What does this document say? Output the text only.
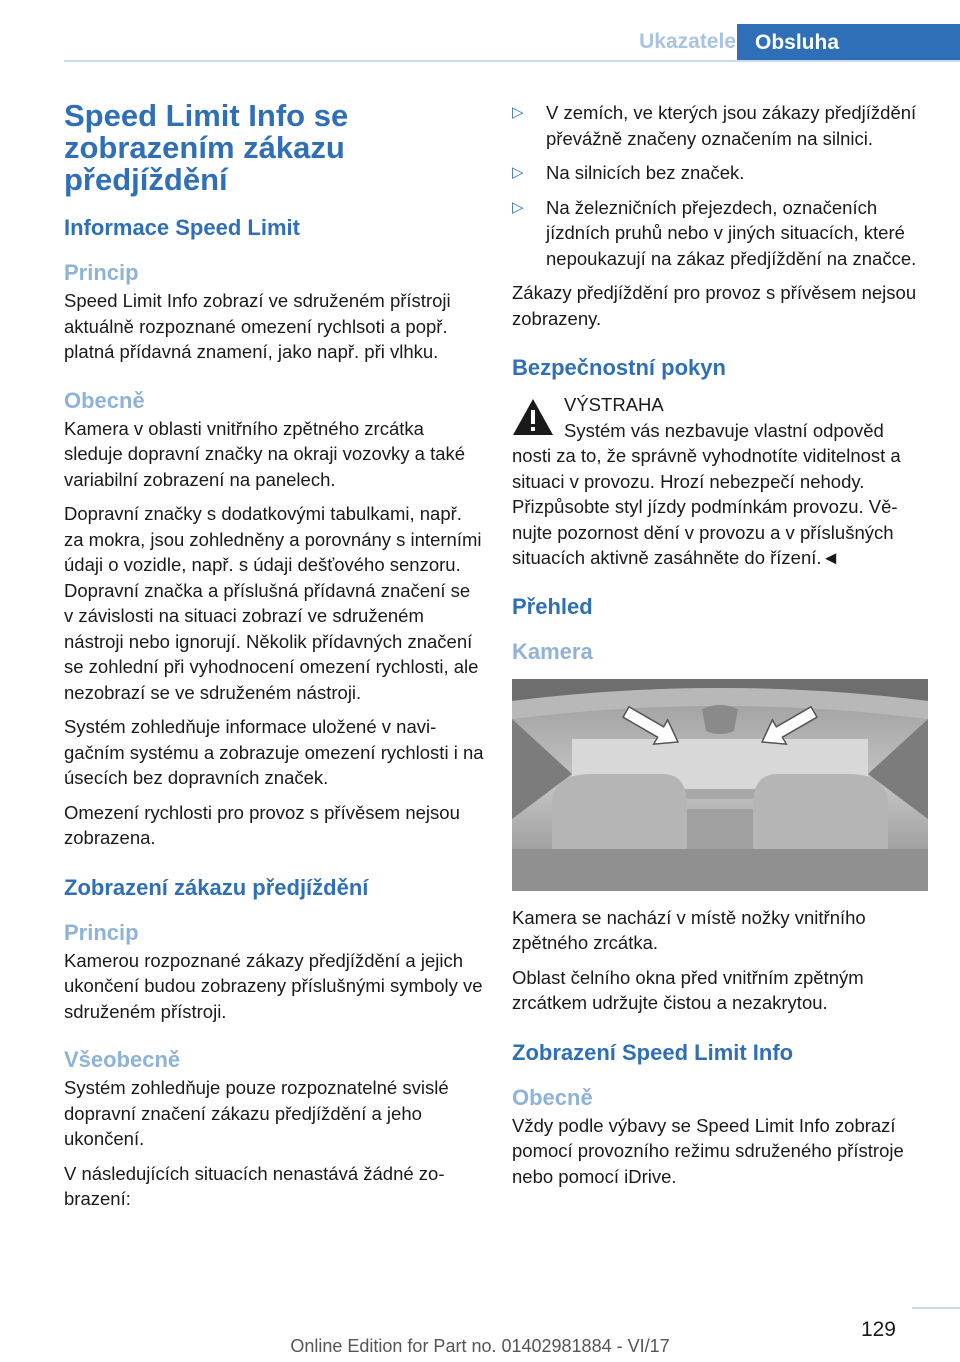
Ukazatele Obsluha
Speed Limit Info se zobrazením zákazu předjíždění
Informace Speed Limit
Princip
Speed Limit Info zobrazí ve sdruženém přístroji aktuálně rozpoznané omezení rychlsoti a popř. platná přídavná znamení, jako např. při vlhku.
Obecně
Kamera v oblasti vnitřního zpětného zrcátka sleduje dopravní značky na okraji vozovky a také variabilní zobrazení na panelech.
Dopravní značky s dodatkovými tabulkami, např. za mokra, jsou zohledněny a porovnány s interními údaji o vozidle, např. s údaji dešťového senzoru. Dopravní značka a příslušná přídavná značení se v závislosti na situaci zobrazí ve sdruženém nástroji nebo ignorují. Několik přídavných značení se zohlední při vyhodnocení omezení rychlosti, ale nezobrazí se ve sdruženém nástroji.
Systém zohledňuje informace uložené v navigačním systému a zobrazuje omezení rychlosti i na úsecích bez dopravních značek.
Omezení rychlosti pro provoz s přívěsem nejsou zobrazena.
Zobrazení zákazu předjíždění
Princip
Kamerou rozpoznané zákazy předjíždění a jejich ukončení budou zobrazeny příslušnými symboly ve sdruženém přístroji.
Všeobecně
Systém zohledňuje pouze rozpoznatelné svislé dopravní značení zákazu předjíždění a jeho ukončení.
V následujících situacích nenastává žádné zobrazení:
▷ V zemích, ve kterých jsou zákazy předjíždění převážně značeny označením na silnici.
▷ Na silnicích bez značek.
▷ Na železničních přejezdech, označeních jízdních pruhů nebo v jiných situacích, které nepoukazují na zákaz předjíždění na značce.
Zákazy předjíždění pro provoz s přívěsem nejsou zobrazeny.
Bezpečnostní pokyn
VÝSTRAHA
Systém vás nezbavuje vlastní odpověd
nosti za to, že správně vyhodnotíte viditelnost a situaci v provozu. Hrozí nebezpečí nehody. Přizpůsobte styl jízdy podmínkám provozu. Věnujte pozornost dění v provozu a v příslušných situacích aktivně zasáhněte do řízení.◄
Přehled
Kamera
Kamera se nachází v místě nožky vnitřního zpětného zrcátka.
Oblast čelního okna před vnitřním zpětným zrcátkem udržujte čistou a nezakrytou.
Zobrazení Speed Limit Info
Obecně
Vždy podle výbavy se Speed Limit Info zobrazí pomocí provozního režimu sdruženého přístroje nebo pomocí iDrive.
129
Online Edition for Part no. 01402981884 - VI/17
